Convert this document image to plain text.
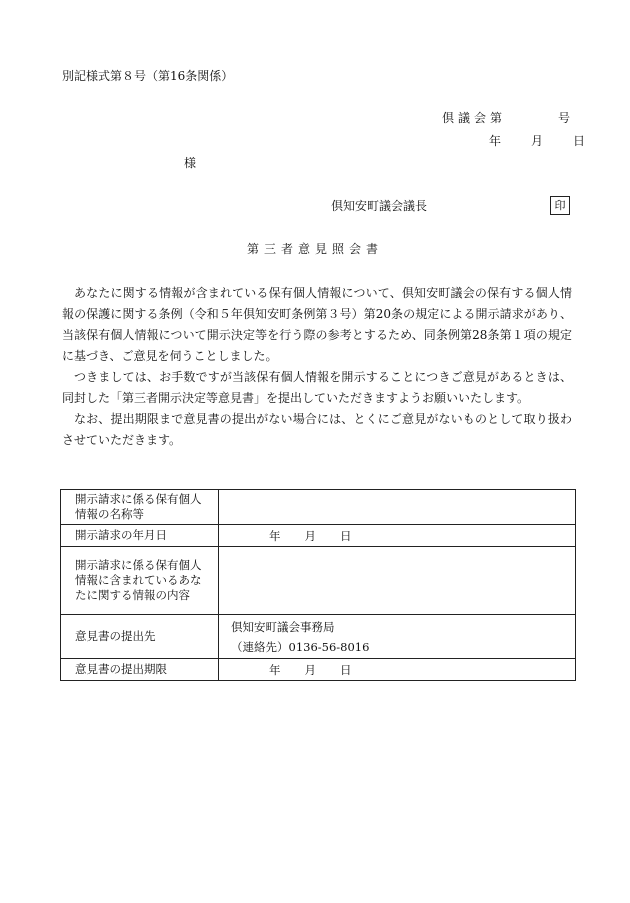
別記様式第８号（第16条関係）
倶議会第	号
年	月	日
様
倶知安町議会議長	印
第三者意見照会書

あなたに関する情報が含まれている保有個人情報について、倶知安町議会の保有する個人情報の保護に関する条例（令和５年倶知安町条例第３号）第20条の規定による開示請求があり、当該保有個人情報について開示決定等を行う際の参考とするため、同条例第28条第１項の規定に基づき、ご意見を伺うことしました。

つきましては、お手数ですが当該保有個人情報を開示することにつきご意見があるときは、同封した「第三者開示決定等意見書」を提出していただきますようお願いいたします。

なお、提出期限まで意見書の提出がない場合には、とくにご意見がないものとして取り扱わさせていただきます。

開示請求に係る保有個人情報の名称等	
開示請求の年月日	年 月 日
開示請求に係る保有個人情報に含まれているあなたに関する情報の内容	
意見書の提出先	倶知安町議会事務局
（連絡先）0136-56-8016

意見書の提出期限	年 月 日
